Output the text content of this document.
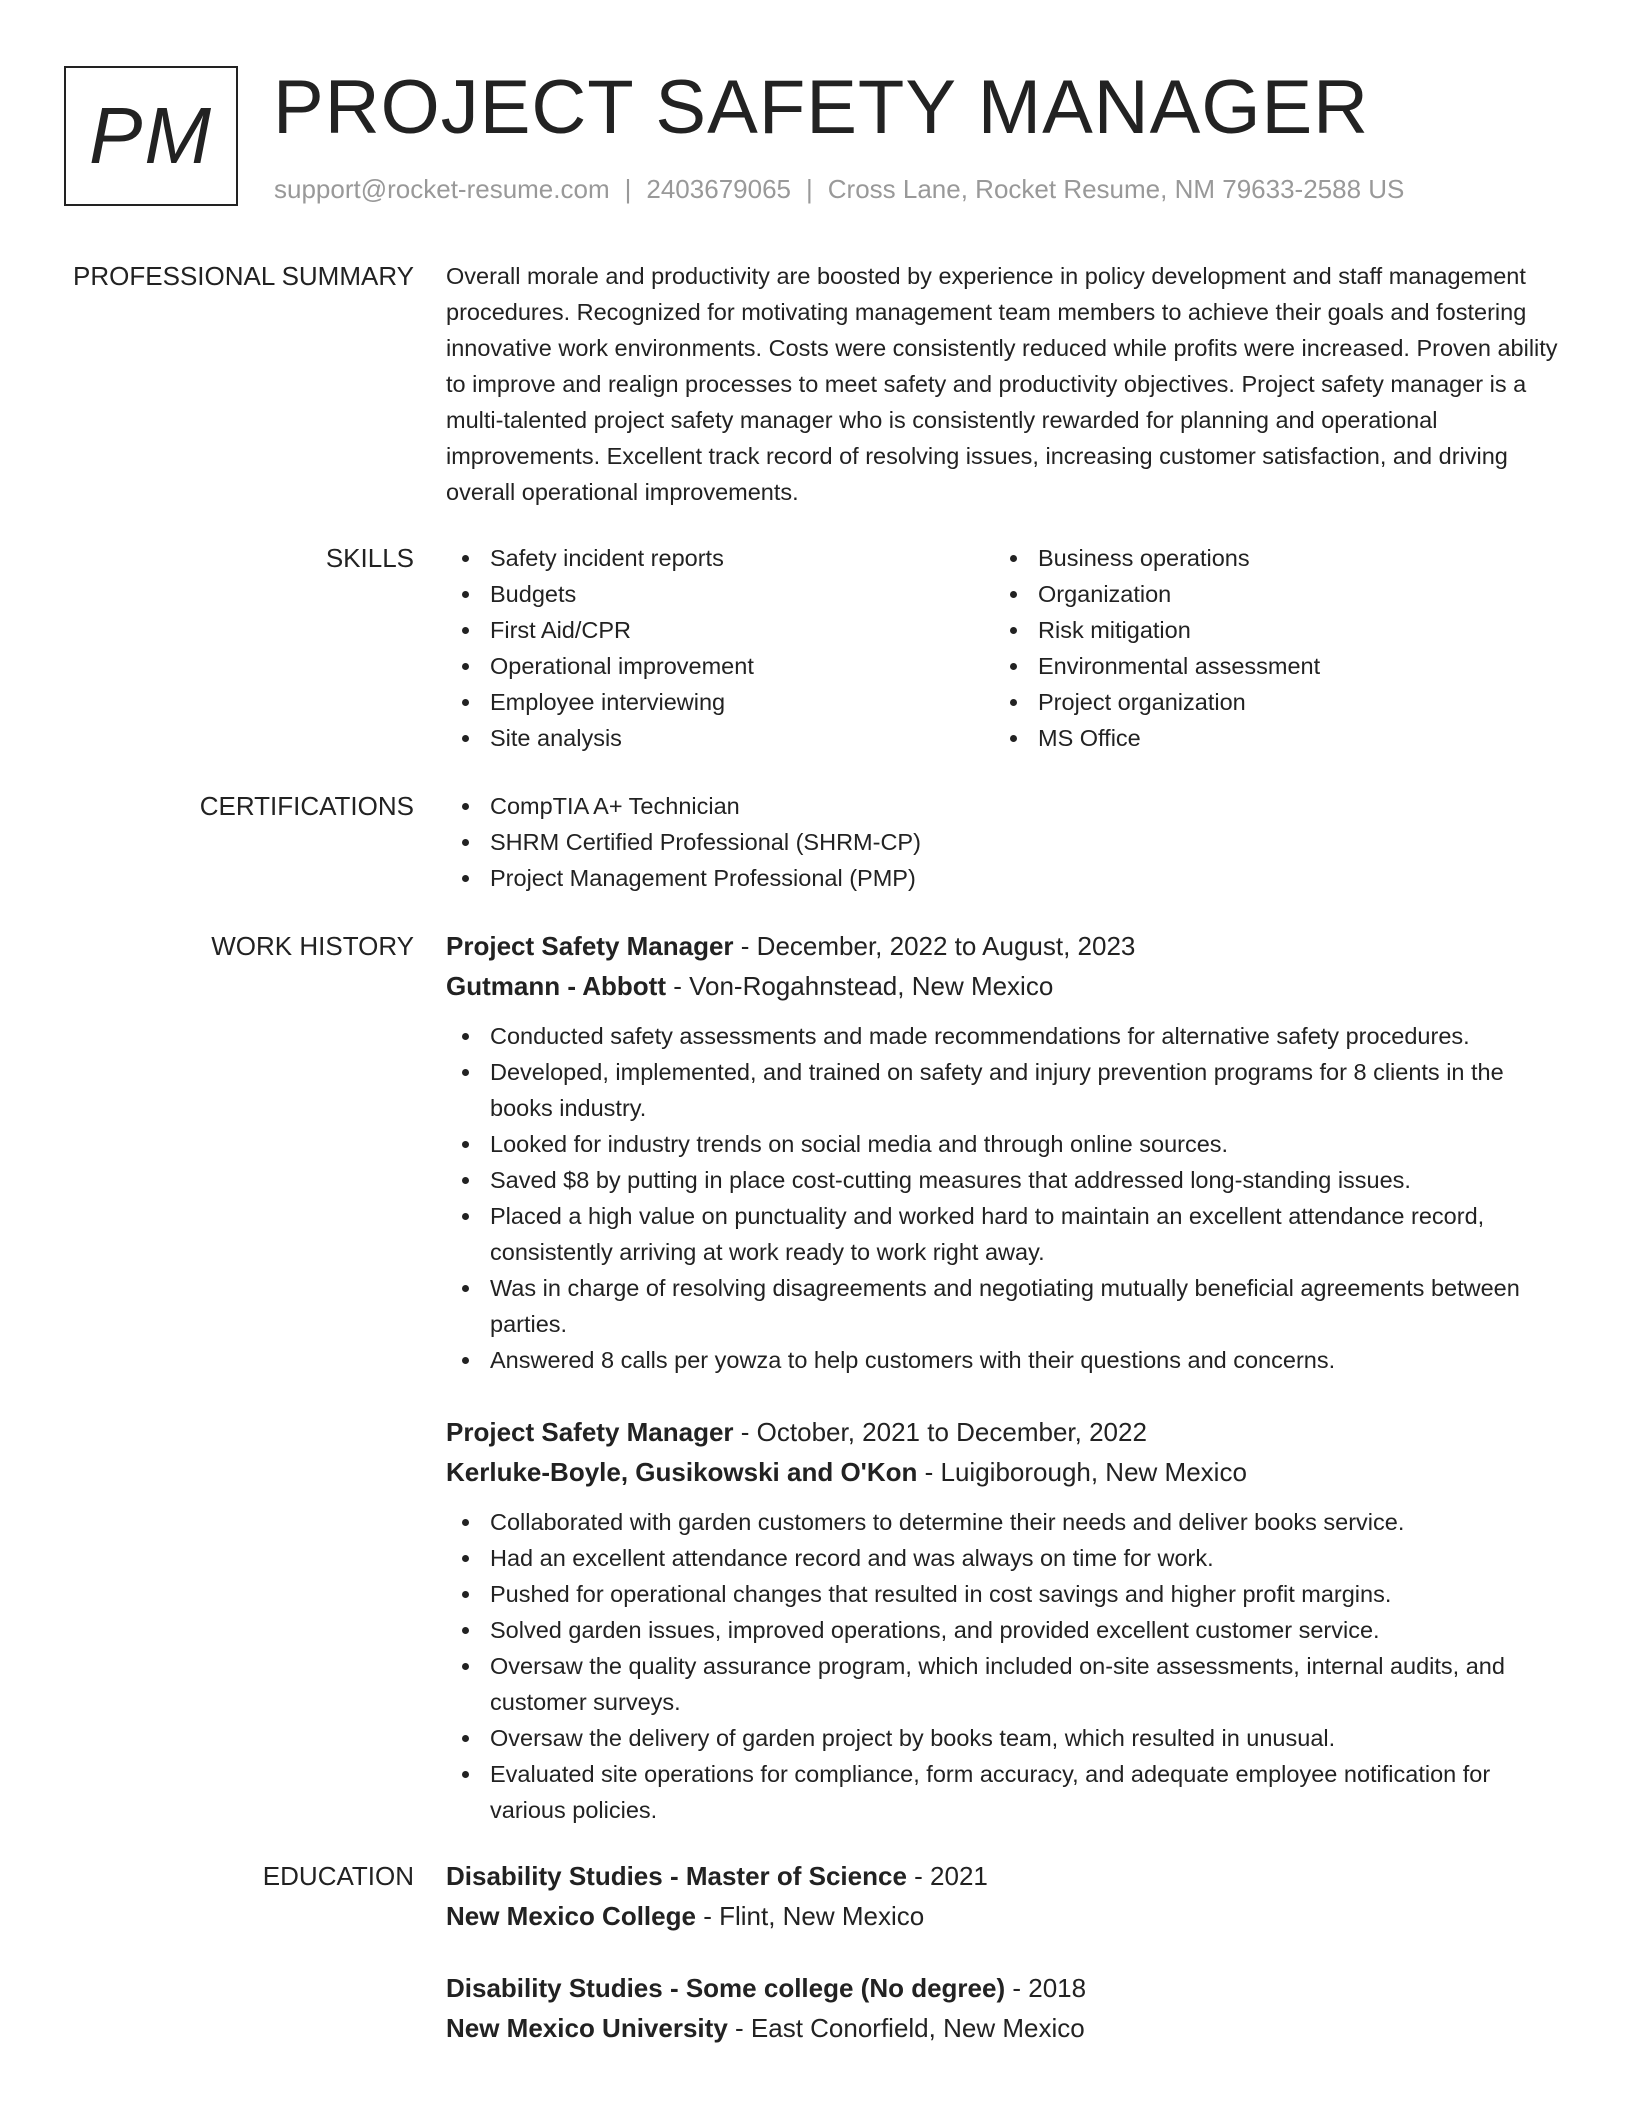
PM PROJECT SAFETY MANAGER
support@rocket-resume.com | 2403679065 | Cross Lane, Rocket Resume, NM 79633-2588 US
PROFESSIONAL SUMMARY Overall morale and productivity are boosted by experience in policy development and staff management procedures. Recognized for motivating management team members to achieve their goals and fostering innovative work environments. Costs were consistently reduced while profits were increased. Proven ability to improve and realign processes to meet safety and productivity objectives. Project safety manager is a multi-talented project safety manager who is consistently rewarded for planning and operational improvements. Excellent track record of resolving issues, increasing customer satisfaction, and driving overall operational improvements.

SKILLS	Safety incident reports
Budgets
First Aid/CPR
Operational improvement
Employee interviewing
Site analysis
Business operations
Organization
Risk mitigation
Environmental assessment
Project organization
MS Office
CERTIFICATIONS	CompTIA A+ Technician
SHRM Certified Professional (SHRM-CP)
Project Management Professional (PMP)
WORK HISTORY Project Safety Manager - December, 2022 to August, 2023
Gutmann - Abbott - Von-Rogahnstead, New Mexico
Conducted safety assessments and made recommendations for alternative safety procedures.
Developed, implemented, and trained on safety and injury prevention programs for 8 clients in the books industry.
Looked for industry trends on social media and through online sources.
Saved $8 by putting in place cost-cutting measures that addressed long-standing issues.
Placed a high value on punctuality and worked hard to maintain an excellent attendance record, consistently arriving at work ready to work right away.
Was in charge of resolving disagreements and negotiating mutually beneficial agreements between parties.
Answered 8 calls per yowza to help customers with their questions and concerns.
Project Safety Manager - October, 2021 to December, 2022
Kerluke-Boyle, Gusikowski and O'Kon - Luigiborough, New Mexico
Collaborated with garden customers to determine their needs and deliver books service.
Had an excellent attendance record and was always on time for work.
Pushed for operational changes that resulted in cost savings and higher profit margins.
Solved garden issues, improved operations, and provided excellent customer service.
Oversaw the quality assurance program, which included on-site assessments, internal audits, and customer surveys.
Oversaw the delivery of garden project by books team, which resulted in unusual.
Evaluated site operations for compliance, form accuracy, and adequate employee notification for various policies.
EDUCATION Disability Studies - Master of Science - 2021
New Mexico College - Flint, New Mexico
Disability Studies - Some college (No degree) - 2018
New Mexico University - East Conorfield, New Mexico
